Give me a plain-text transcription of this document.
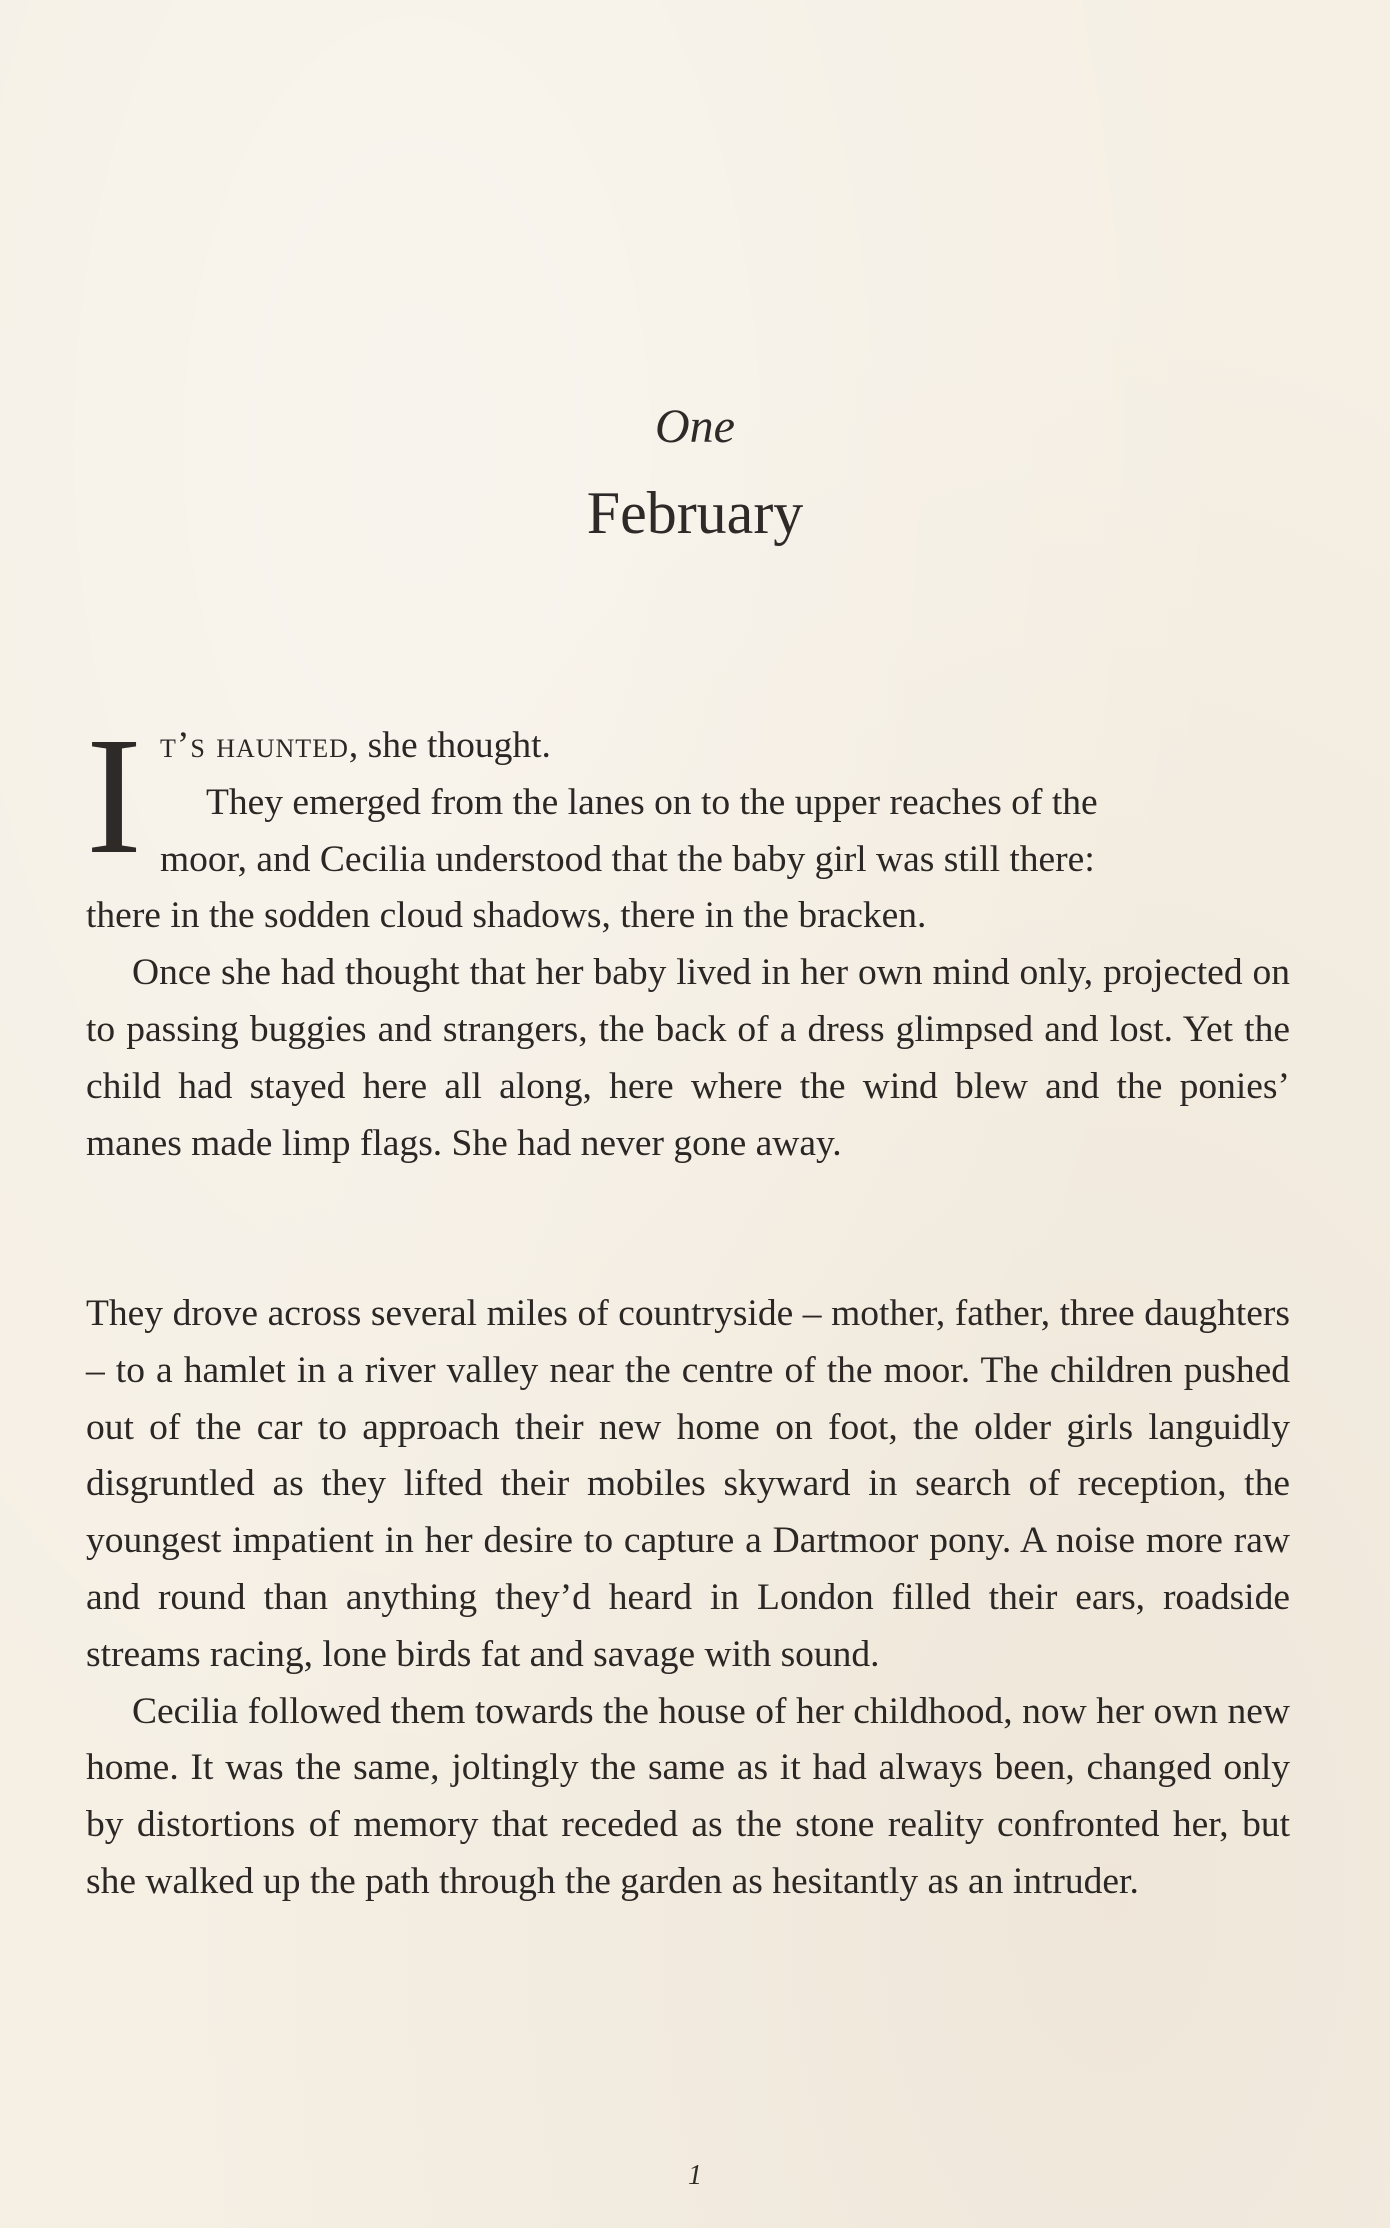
One
February
I t’s haunted, she thought.

They emerged from the lanes on to the upper reaches of the

moor, and Cecilia understood that the baby girl was still there:

there in the sodden cloud shadows, there in the bracken.

Once she had thought that her baby lived in her own mind only, projected on to passing buggies and strangers, the back of a dress glimpsed and lost. Yet the child had stayed here all along, here where the wind blew and the ponies’ manes made limp flags. She had never gone away.

They drove across several miles of countryside – mother, father, three daughters – to a hamlet in a river valley near the centre of the moor. The children pushed out of the car to approach their new home on foot, the older girls languidly disgruntled as they lifted their mobiles skyward in search of reception, the youngest impatient in her desire to capture a Dartmoor pony. A noise more raw and round than anything they’d heard in London filled their ears, roadside streams racing, lone birds fat and savage with sound.

Cecilia followed them towards the house of her childhood, now her own new home. It was the same, joltingly the same as it had always been, changed only by distortions of memory that receded as the stone reality confronted her, but she walked up the path through the garden as hesitantly as an intruder.

1
